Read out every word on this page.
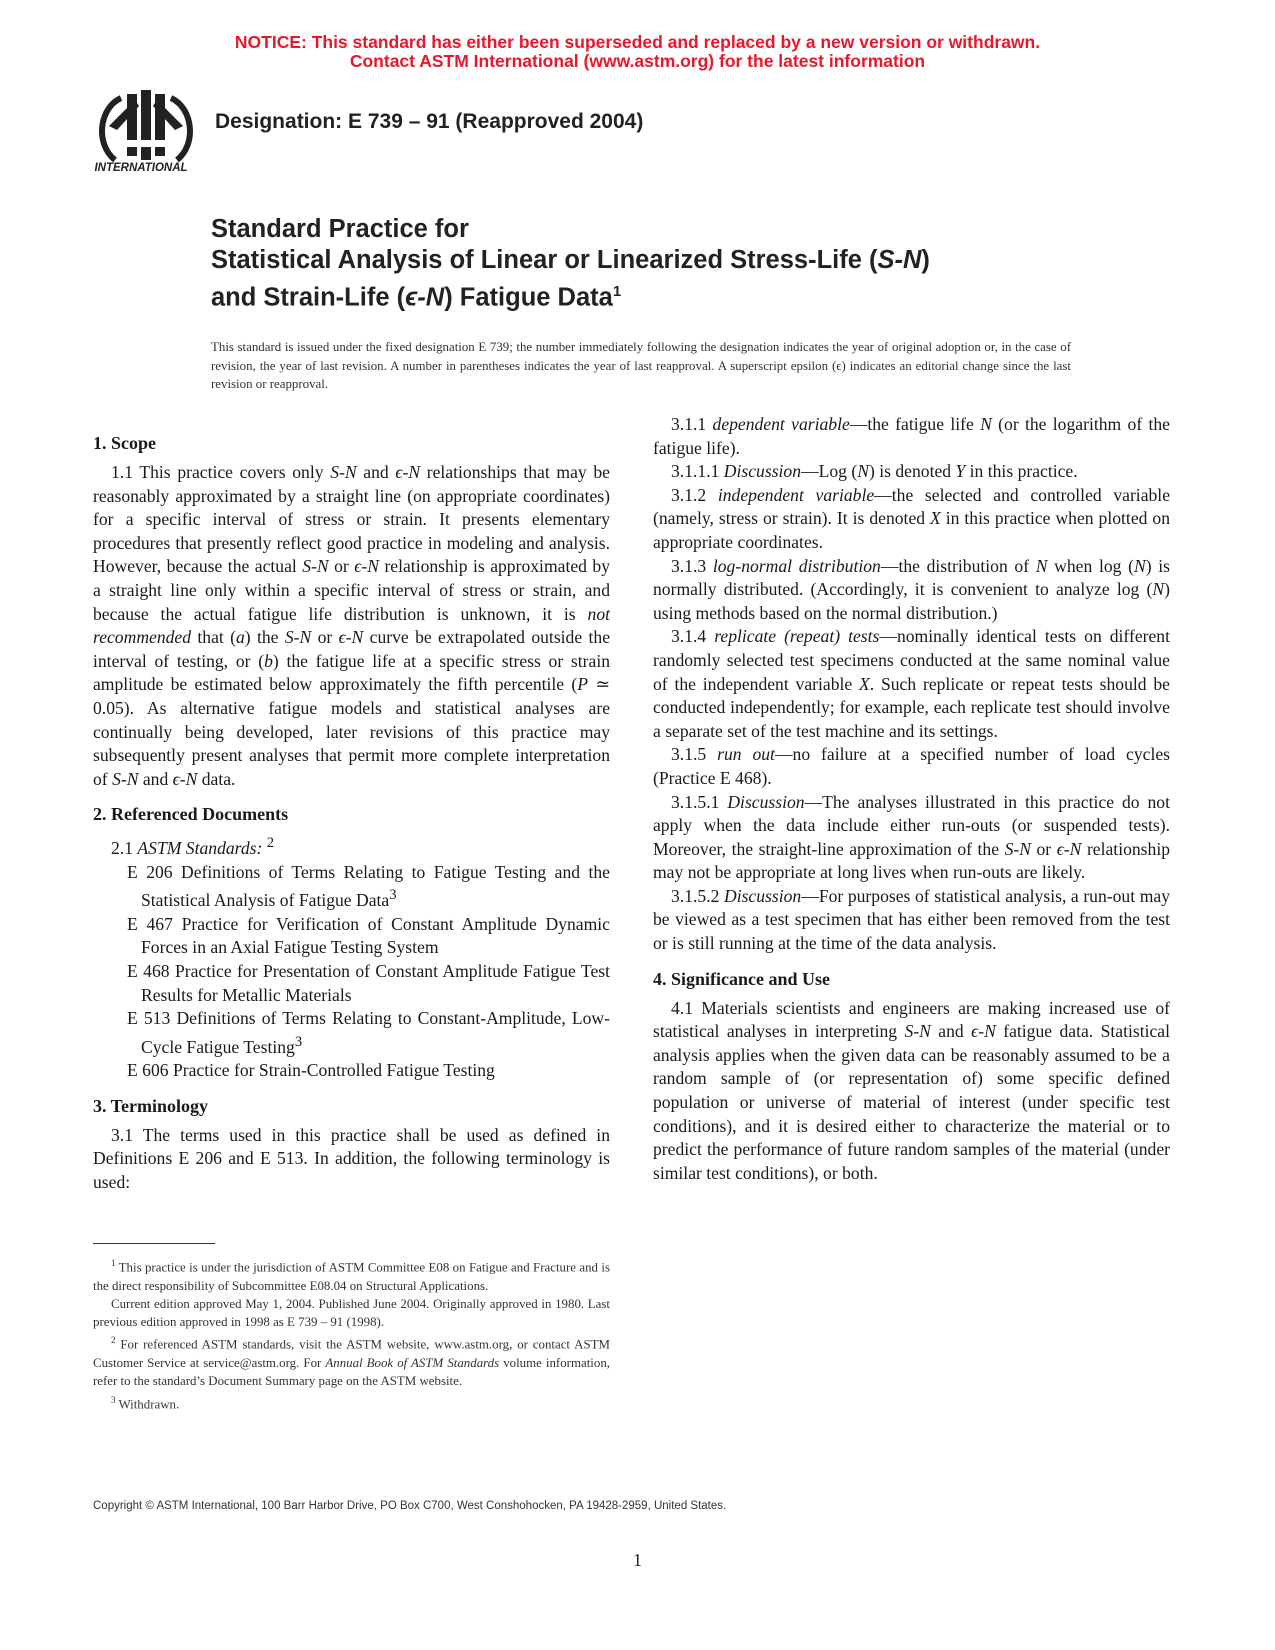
NOTICE: This standard has either been superseded and replaced by a new version or withdrawn.
Contact ASTM International (www.astm.org) for the latest information
INTERNATIONAL
Designation: E 739 – 91 (Reapproved 2004)
Standard Practice for
Statistical Analysis of Linear or Linearized Stress-Life (S-N)
and Strain-Life (ϵ-N) Fatigue Data$^1$
This standard is issued under the fixed designation E 739; the number immediately following the designation indicates the year of original adoption or, in the case of revision, the year of last revision. A number in parentheses indicates the year of last reapproval. A superscript epsilon (ϵ) indicates an editorial change since the last revision or reapproval.
1. Scope

1.1 This practice covers only S-N and ϵ-N relationships that may be reasonably approximated by a straight line (on appropriate coordinates) for a specific interval of stress or strain. It presents elementary procedures that presently reflect good practice in modeling and analysis. However, because the actual S-N or ϵ-N relationship is approximated by a straight line only within a specific interval of stress or strain, and because the actual fatigue life distribution is unknown, it is not recommended that (a) the S-N or ϵ-N curve be extrapolated outside the interval of testing, or (b) the fatigue life at a specific stress or strain amplitude be estimated below approximately the fifth percentile (P ≃ 0.05). As alternative fatigue models and statistical analyses are continually being developed, later revisions of this practice may subsequently present analyses that permit more complete interpretation of S-N and ϵ-N data.

2. Referenced Documents

2.1 ASTM Standards: $^2$

E 206 Definitions of Terms Relating to Fatigue Testing and the Statistical Analysis of Fatigue Data$^3$

E 467 Practice for Verification of Constant Amplitude Dynamic Forces in an Axial Fatigue Testing System

E 468 Practice for Presentation of Constant Amplitude Fatigue Test Results for Metallic Materials

E 513 Definitions of Terms Relating to Constant-Amplitude, Low-Cycle Fatigue Testing$^3$

E 606 Practice for Strain-Controlled Fatigue Testing

3. Terminology

3.1 The terms used in this practice shall be used as defined in Definitions E 206 and E 513. In addition, the following terminology is used:

3.1.1 dependent variable—the fatigue life N (or the logarithm of the fatigue life).

3.1.1.1 Discussion—Log (N) is denoted Y in this practice.

3.1.2 independent variable—the selected and controlled variable (namely, stress or strain). It is denoted X in this practice when plotted on appropriate coordinates.

3.1.3 log-normal distribution—the distribution of N when log (N) is normally distributed. (Accordingly, it is convenient to analyze log (N) using methods based on the normal distribution.)

3.1.4 replicate (repeat) tests—nominally identical tests on different randomly selected test specimens conducted at the same nominal value of the independent variable X. Such replicate or repeat tests should be conducted independently; for example, each replicate test should involve a separate set of the test machine and its settings.

3.1.5 run out—no failure at a specified number of load cycles (Practice E 468).

3.1.5.1 Discussion—The analyses illustrated in this practice do not apply when the data include either run-outs (or suspended tests). Moreover, the straight-line approximation of the S-N or ϵ-N relationship may not be appropriate at long lives when run-outs are likely.

3.1.5.2 Discussion—For purposes of statistical analysis, a run-out may be viewed as a test specimen that has either been removed from the test or is still running at the time of the data analysis.

4. Significance and Use

4.1 Materials scientists and engineers are making increased use of statistical analyses in interpreting S-N and ϵ-N fatigue data. Statistical analysis applies when the given data can be reasonably assumed to be a random sample of (or representation of) some specific defined population or universe of material of interest (under specific test conditions), and it is desired either to characterize the material or to predict the performance of future random samples of the material (under similar test conditions), or both.

$^1$ This practice is under the jurisdiction of ASTM Committee E08 on Fatigue and Fracture and is the direct responsibility of Subcommittee E08.04 on Structural Applications.

Current edition approved May 1, 2004. Published June 2004. Originally approved in 1980. Last previous edition approved in 1998 as E 739 – 91 (1998).

$^2$ For referenced ASTM standards, visit the ASTM website, www.astm.org, or contact ASTM Customer Service at service@astm.org. For Annual Book of ASTM Standards volume information, refer to the standard’s Document Summary page on the ASTM website.

$^3$ Withdrawn.

Copyright © ASTM International, 100 Barr Harbor Drive, PO Box C700, West Conshohocken, PA 19428-2959, United States.
1
